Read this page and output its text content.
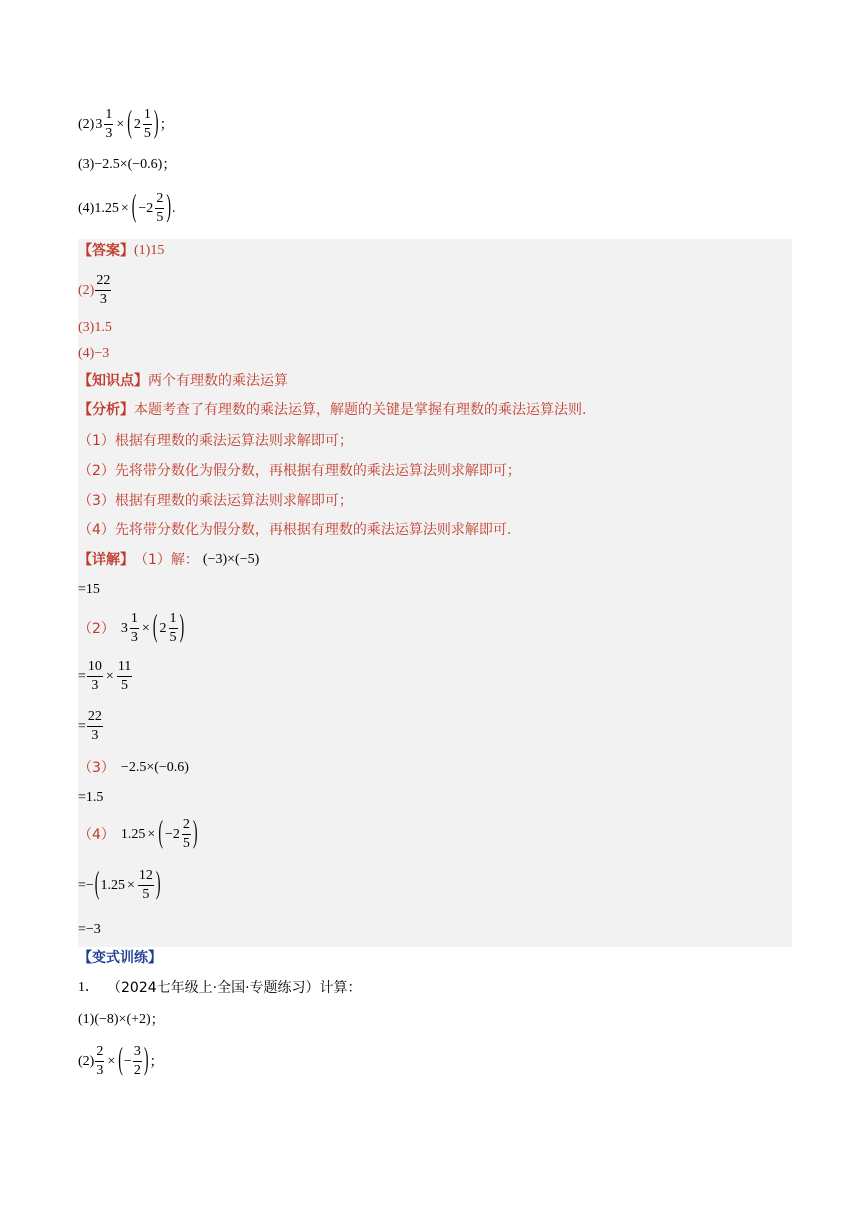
(2) $3 \frac{1}{3}$ × ( $2 \frac{1}{5}$ ) ；
(3) −2.5×(−0.6) ；
(4) 1.25 × ( $-2 \frac{2}{5}$ ) .
【答案】 (1)15
$(2) \frac{22}{3}$
(3)1.5
(4)−3
【知识点】 两个有理数的乘法运算
【分析】 本题考查了有理数的乘法运算，解题的关键是掌握有理数的乘法运算法则.
（1）根据有理数的乘法运算法则求解即可；
（2）先将带分数化为假分数，再根据有理数的乘法运算法则求解即可；
（3）根据有理数的乘法运算法则求解即可；
（4）先将带分数化为假分数，再根据有理数的乘法运算法则求解即可.
【详解】 （1）解： (−3)×(−5)
=15
（2） $3 \frac{1}{3}$ × ( $2 \frac{1}{5}$ )
= $\frac{10}{3} \times \frac{11}{5}$
= $\frac{22}{3}$
（3） −2.5×(−0.6)
=1.5
（4） 1.25 × ( $-2 \frac{2}{5}$ )
=− ( $1.25 \times \frac{12}{5}$ )
=−3
【变式训练】
1． （2024七年级上·全国·专题练习）计算：
(1) (−8)×(+2) ；
$(2) \frac{2}{3}$ × ( − $\frac{3}{2}$ ) ；
